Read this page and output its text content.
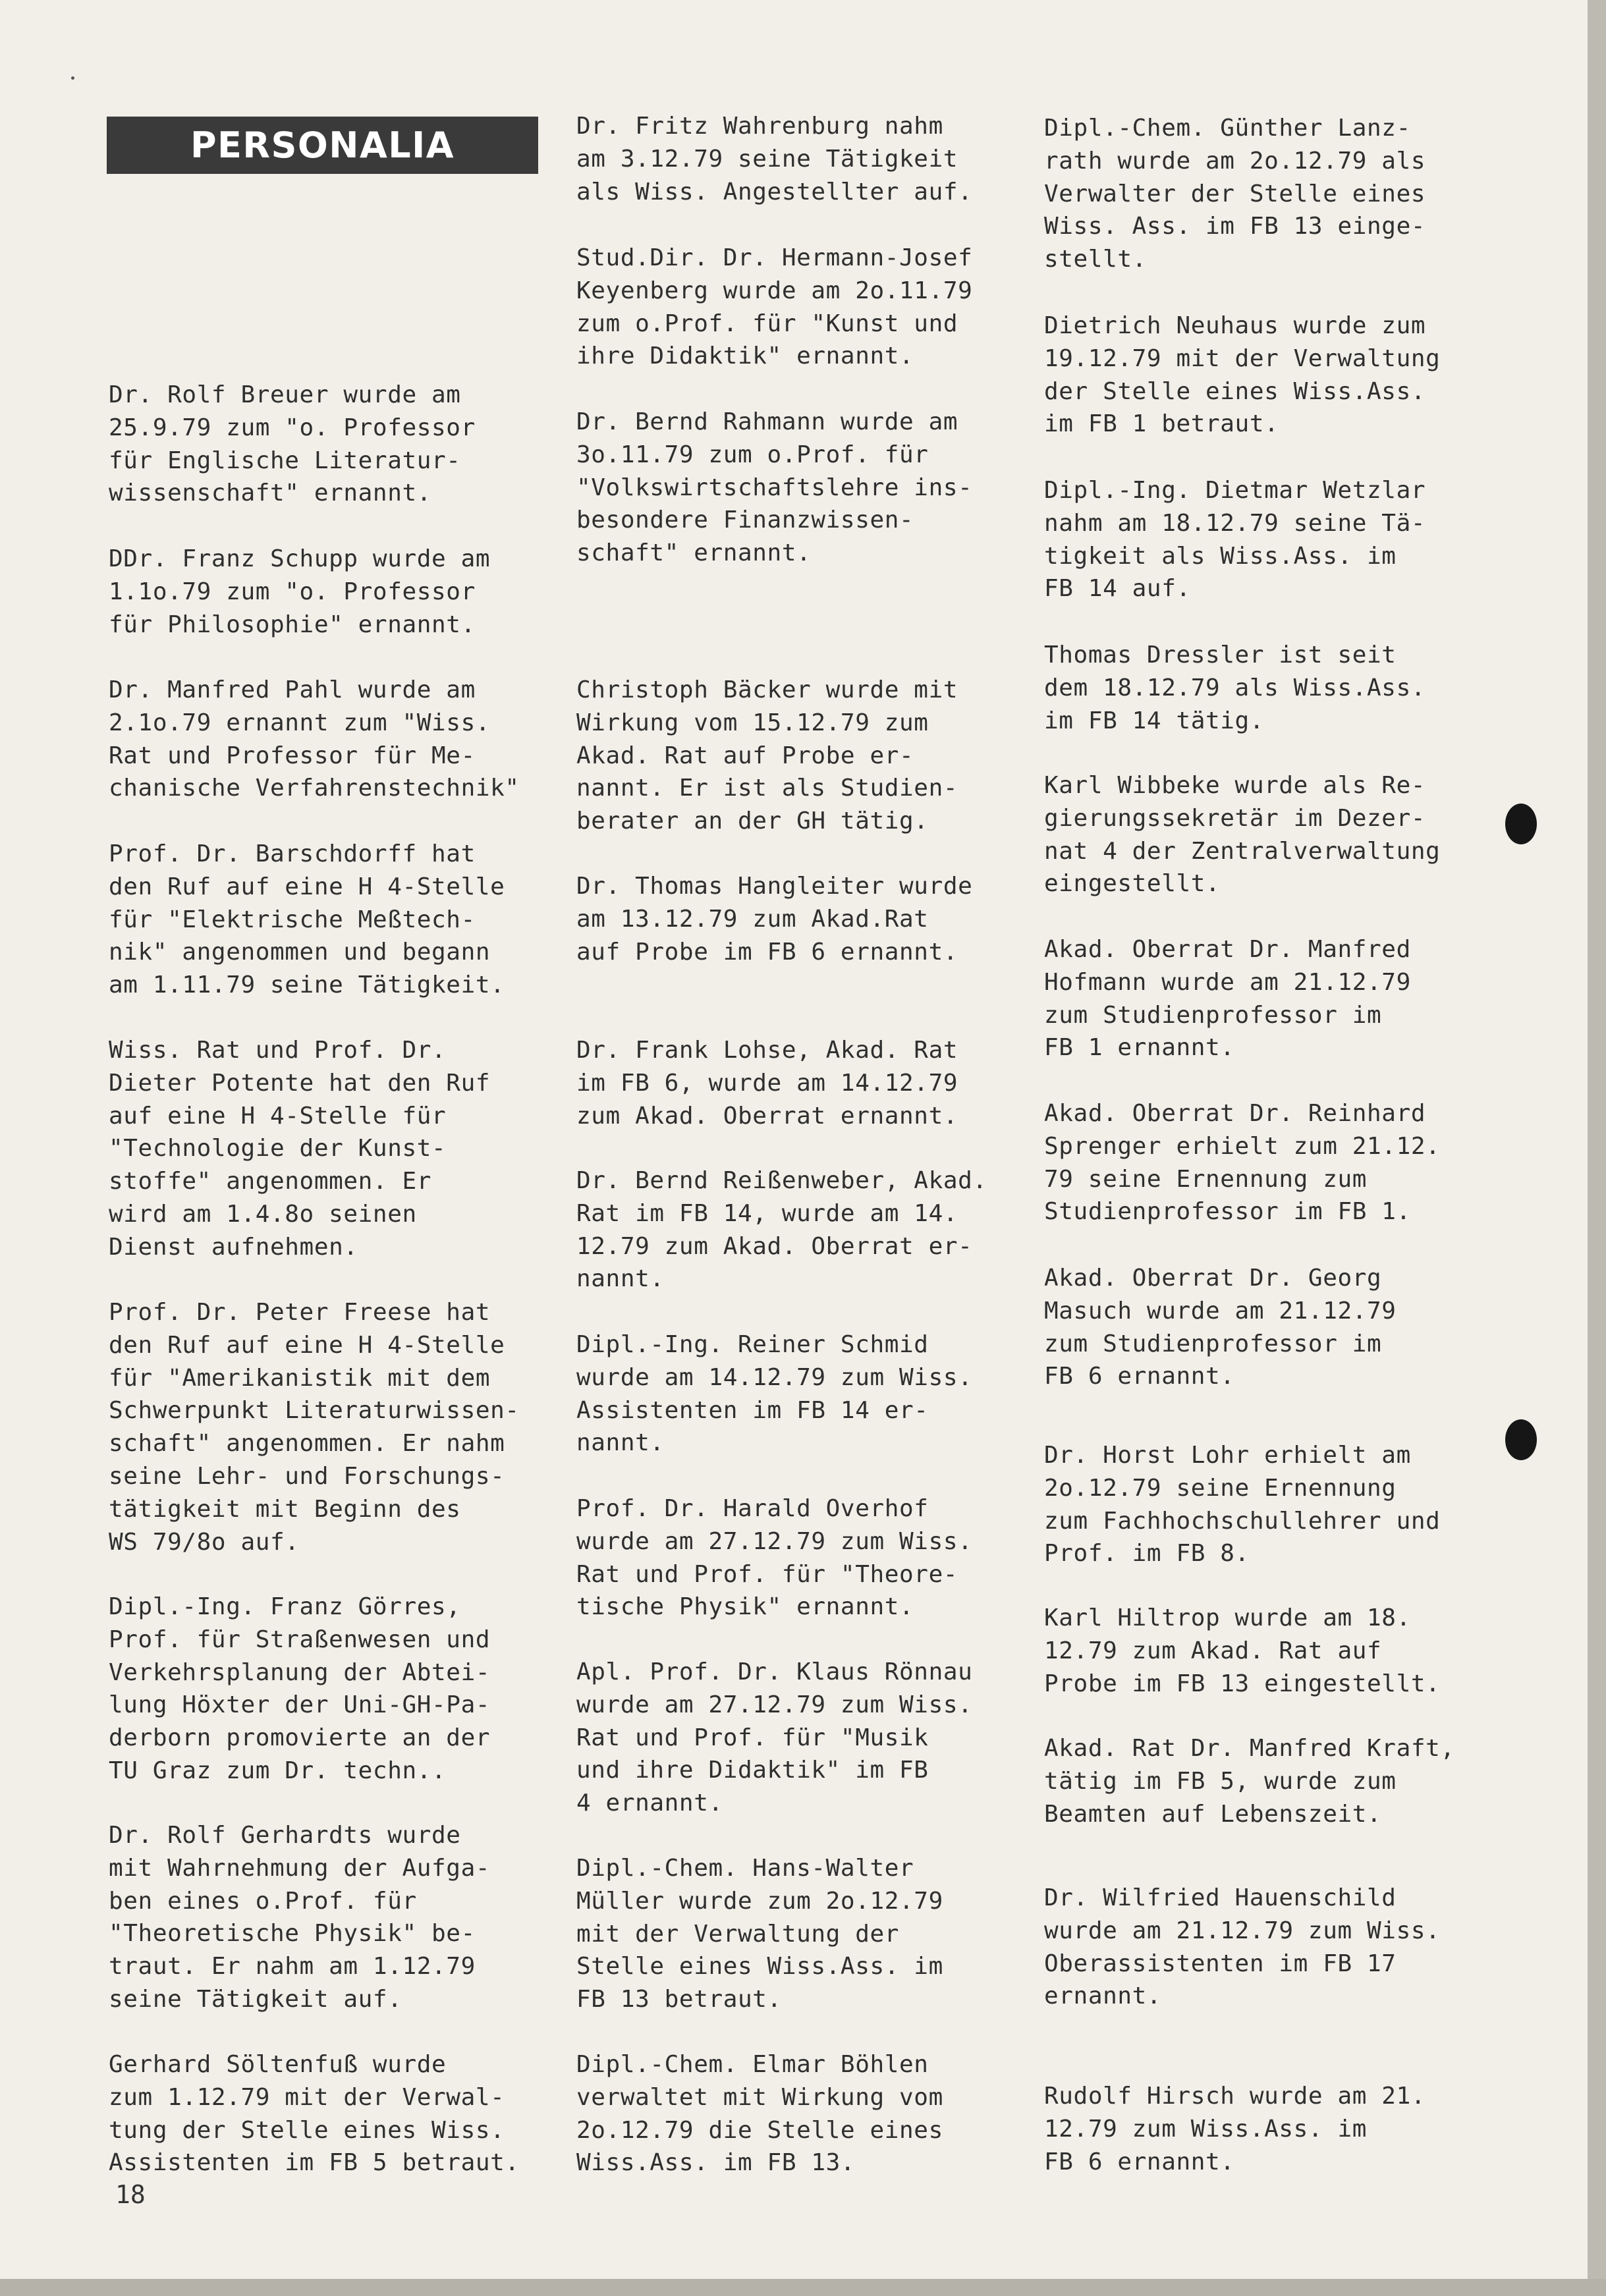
PERSONALIA

Dr. Rolf Breuer wurde am

25.9.79 zum "o. Professor

für Englische Literatur-

wissenschaft" ernannt.

DDr. Franz Schupp wurde am

1.1o.79 zum "o. Professor

für Philosophie" ernannt.

Dr. Manfred Pahl wurde am

2.1o.79 ernannt zum "Wiss.

Rat und Professor für Me-

chanische Verfahrenstechnik"

Prof. Dr. Barschdorff hat

den Ruf auf eine H 4-Stelle

für "Elektrische Meßtech-

nik" angenommen und begann

am 1.11.79 seine Tätigkeit.

Wiss. Rat und Prof. Dr.

Dieter Potente hat den Ruf

auf eine H 4-Stelle für

"Technologie der Kunst-

stoffe" angenommen. Er

wird am 1.4.8o seinen

Dienst aufnehmen.

Prof. Dr. Peter Freese hat

den Ruf auf eine H 4-Stelle

für "Amerikanistik mit dem

Schwerpunkt Literaturwissen-

schaft" angenommen. Er nahm

seine Lehr- und Forschungs-

tätigkeit mit Beginn des

WS 79/8o auf.

Dipl.-Ing. Franz Görres,

Prof. für Straßenwesen und

Verkehrsplanung der Abtei-

lung Höxter der Uni-GH-Pa-

derborn promovierte an der

TU Graz zum Dr. techn..

Dr. Rolf Gerhardts wurde

mit Wahrnehmung der Aufga-

ben eines o.Prof. für

"Theoretische Physik" be-

traut. Er nahm am 1.12.79

seine Tätigkeit auf.

Gerhard Söltenfuß wurde

zum 1.12.79 mit der Verwal-

tung der Stelle eines Wiss.

Assistenten im FB 5 betraut.

Dr. Fritz Wahrenburg nahm

am 3.12.79 seine Tätigkeit

als Wiss. Angestellter auf.

Stud.Dir. Dr. Hermann-Josef

Keyenberg wurde am 2o.11.79

zum o.Prof. für "Kunst und

ihre Didaktik" ernannt.

Dr. Bernd Rahmann wurde am

3o.11.79 zum o.Prof. für

"Volkswirtschaftslehre ins-

besondere Finanzwissen-

schaft" ernannt.

Christoph Bäcker wurde mit

Wirkung vom 15.12.79 zum

Akad. Rat auf Probe er-

nannt. Er ist als Studien-

berater an der GH tätig.

Dr. Thomas Hangleiter wurde

am 13.12.79 zum Akad.Rat

auf Probe im FB 6 ernannt.

Dr. Frank Lohse, Akad. Rat

im FB 6, wurde am 14.12.79

zum Akad. Oberrat ernannt.

Dr. Bernd Reißenweber, Akad.

Rat im FB 14, wurde am 14.

12.79 zum Akad. Oberrat er-

nannt.

Dipl.-Ing. Reiner Schmid

wurde am 14.12.79 zum Wiss.

Assistenten im FB 14 er-

nannt.

Prof. Dr. Harald Overhof

wurde am 27.12.79 zum Wiss.

Rat und Prof. für "Theore-

tische Physik" ernannt.

Apl. Prof. Dr. Klaus Rönnau

wurde am 27.12.79 zum Wiss.

Rat und Prof. für "Musik

und ihre Didaktik" im FB

4 ernannt.

Dipl.-Chem. Hans-Walter

Müller wurde zum 2o.12.79

mit der Verwaltung der

Stelle eines Wiss.Ass. im

FB 13 betraut.

Dipl.-Chem. Elmar Böhlen

verwaltet mit Wirkung vom

2o.12.79 die Stelle eines

Wiss.Ass. im FB 13.

Dipl.-Chem. Günther Lanz-

rath wurde am 2o.12.79 als

Verwalter der Stelle eines

Wiss. Ass. im FB 13 einge-

stellt.

Dietrich Neuhaus wurde zum

19.12.79 mit der Verwaltung

der Stelle eines Wiss.Ass.

im FB 1 betraut.

Dipl.-Ing. Dietmar Wetzlar

nahm am 18.12.79 seine Tä-

tigkeit als Wiss.Ass. im

FB 14 auf.

Thomas Dressler ist seit

dem 18.12.79 als Wiss.Ass.

im FB 14 tätig.

Karl Wibbeke wurde als Re-

gierungssekretär im Dezer-

nat 4 der Zentralverwaltung

eingestellt.

Akad. Oberrat Dr. Manfred

Hofmann wurde am 21.12.79

zum Studienprofessor im

FB 1 ernannt.

Akad. Oberrat Dr. Reinhard

Sprenger erhielt zum 21.12.

79 seine Ernennung zum

Studienprofessor im FB 1.

Akad. Oberrat Dr. Georg

Masuch wurde am 21.12.79

zum Studienprofessor im

FB 6 ernannt.

Dr. Horst Lohr erhielt am

2o.12.79 seine Ernennung

zum Fachhochschullehrer und

Prof. im FB 8.

Karl Hiltrop wurde am 18.

12.79 zum Akad. Rat auf

Probe im FB 13 eingestellt.

Akad. Rat Dr. Manfred Kraft,

tätig im FB 5, wurde zum

Beamten auf Lebenszeit.

Dr. Wilfried Hauenschild

wurde am 21.12.79 zum Wiss.

Oberassistenten im FB 17

ernannt.

Rudolf Hirsch wurde am 21.

12.79 zum Wiss.Ass. im

FB 6 ernannt.

18
